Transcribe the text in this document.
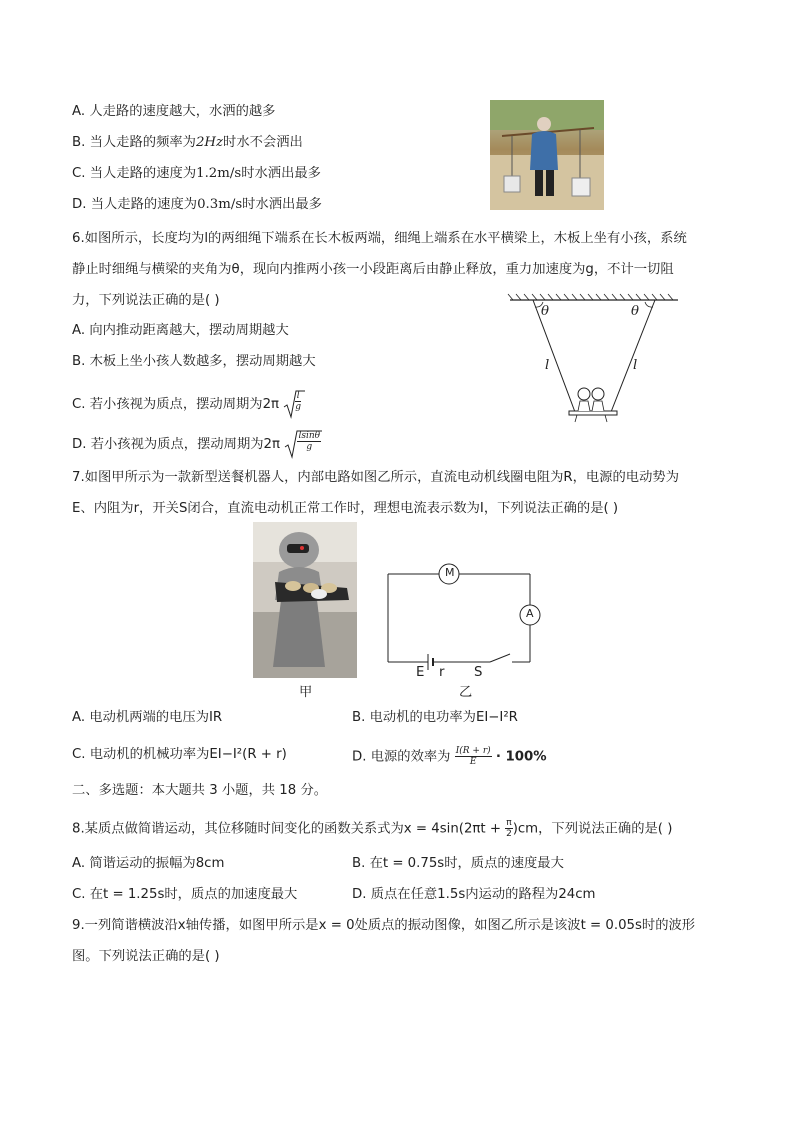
A. 人走路的速度越大，水洒的越多
B. 当人走路的频率为2Hz时水不会洒出
C. 当人走路的速度为1.2m/s时水洒出最多
D. 当人走路的速度为0.3m/s时水洒出最多
6.如图所示，长度均为l的两细绳下端系在长木板两端，细绳上端系在水平横梁上，木板上坐有小孩，系统
静止时细绳与横梁的夹角为θ，现向内推两小孩一小段距离后由静止释放，重力加速度为g，不计一切阻
力，下列说法正确的是( )
A. 向内推动距离越大，摆动周期越大
B. 木板上坐小孩人数越多，摆动周期越大
C. 若小孩视为质点，摆动周期为$2\pi \frac{l}{g}$
D. 若小孩视为质点，摆动周期为$2\pi \frac{lsin\theta}{g}$
θ	θ
l	l
7.如图甲所示为一款新型送餐机器人，内部电路如图乙所示，直流电动机线圈电阻为R，电源的电动势为
E、内阻为r，开关S闭合，直流电动机正常工作时，理想电流表示数为I，下列说法正确的是( )
甲
M
A
E r S
乙
A. 电动机两端的电压为IR	B. 电动机的电功率为EI−I²R
C. 电动机的机械功率为EI−I²(R + r)	D. 电源的效率为 $\frac{I(R + r)}{E} \cdot 100\%$
二、多选题：本大题共 3 小题，共 18 分。
8.某质点做简谐运动，其位移随时间变化的函数关系式为$x = 4\sin(2\pi t + \frac{\pi}{2} )cm$，下列说法正确的是( )
A. 简谐运动的振幅为8cm	B. 在t = 0.75s时，质点的速度最大
C. 在t = 1.25s时，质点的加速度最大	D. 质点在任意1.5s内运动的路程为24cm
9.一列简谐横波沿x轴传播，如图甲所示是x = 0处质点的振动图像，如图乙所示是该波t = 0.05s时的波形
图。下列说法正确的是( )
